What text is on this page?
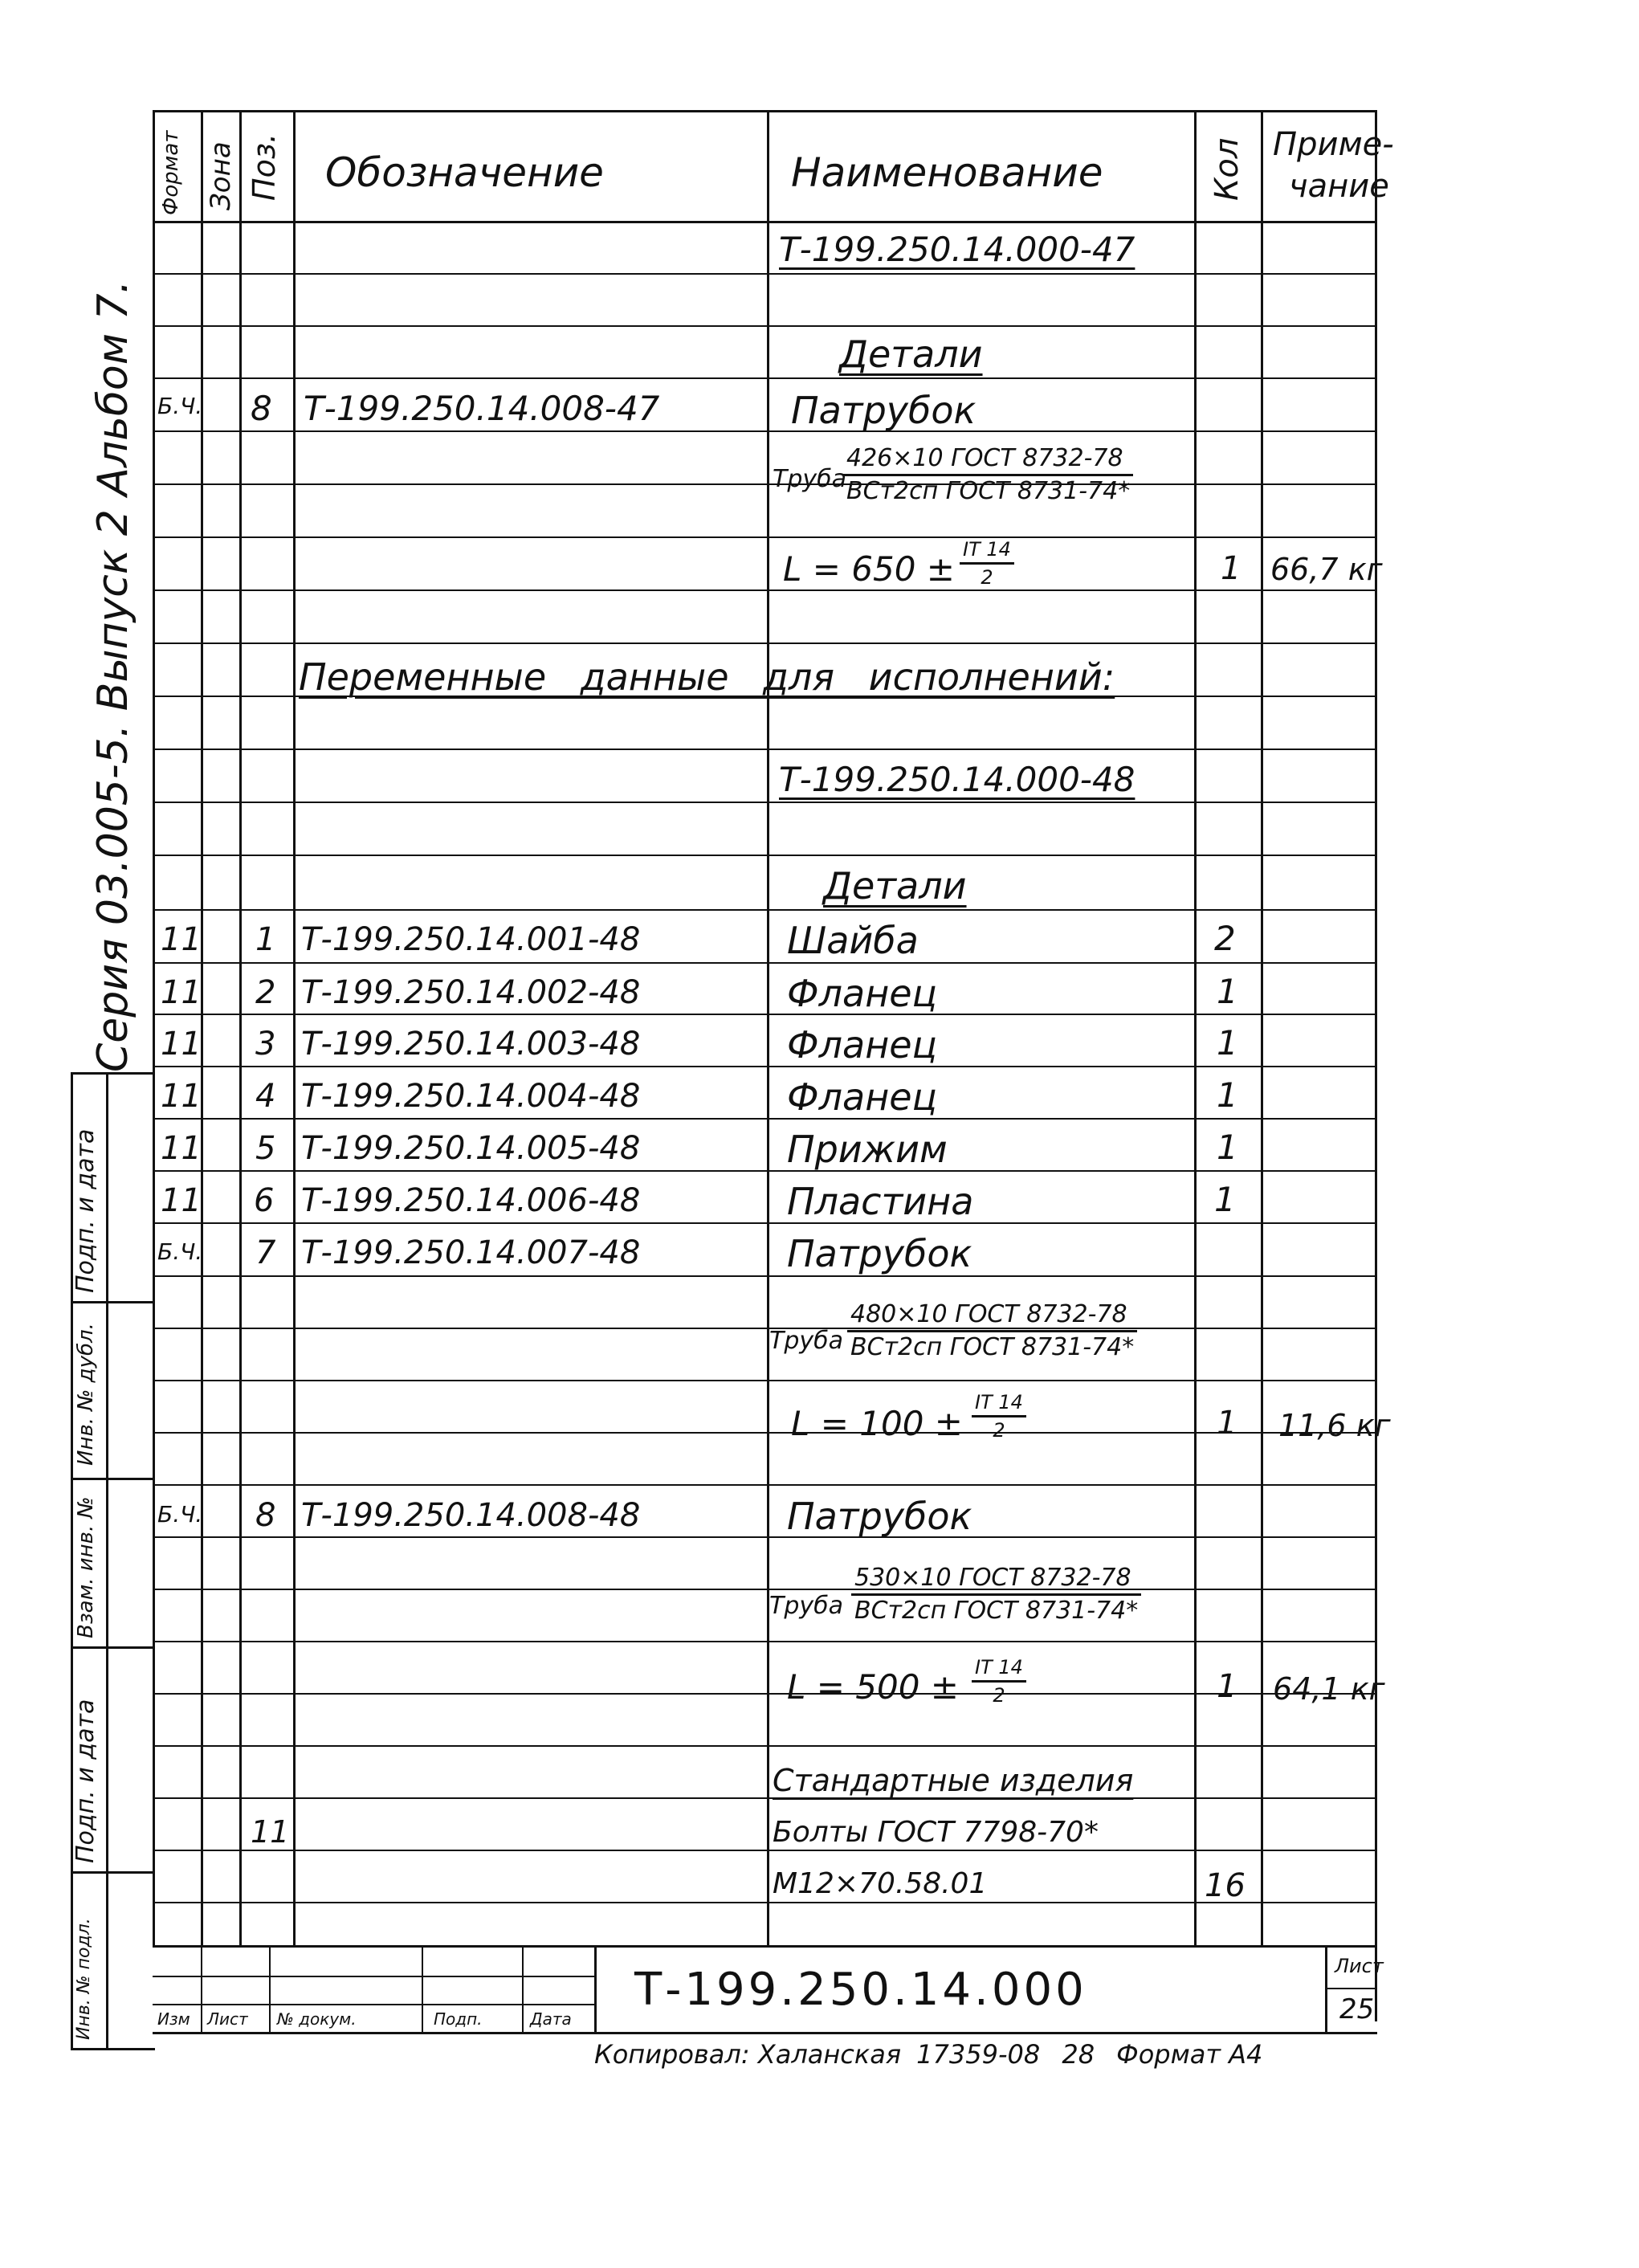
Формат Зона Поз. Обозначение	Наименование	Кол Приме-
чание
Серия 03.005-5. Выпуск 2 Альбом 7.
Подп. и дата
Инв. № дубл.
Взам. инв. №
Подп. и дата
Инв. № подл.
Т-199.250.14.000-47
Детали
Б.Ч. 8 Т-199.250.14.008-47	Патрубок
Труба
426×10 ГОСТ 8732-78
ВСт2сп ГОСТ 8731-74*
$L = 650 \pm \frac{IT 14}{2}$	1 66,7 кг
Переменные данные для исполнений:
Т-199.250.14.000-48
Детали
11 1 Т-199.250.14.001-48	Шайба	2
11 2 Т-199.250.14.002-48	Фланец	1
11 3 Т-199.250.14.003-48	Фланец	1
11 4 Т-199.250.14.004-48	Фланец	1
11 5 Т-199.250.14.005-48	Прижим	1
11 6 Т-199.250.14.006-48	Пластина	1
Б.Ч. 7 Т-199.250.14.007-48	Патрубок
Труба
480×10 ГОСТ 8732-78
ВСт2сп ГОСТ 8731-74*
$L = 100 \pm \frac{IT 14}{2}$	1 11,6 кг
Б.Ч. 8 Т-199.250.14.008-48	Патрубок
Труба
530×10 ГОСТ 8732-78
ВСт2сп ГОСТ 8731-74*
$L = 500 \pm \frac{IT 14}{2}$	1 64,1 кг
Стандартные изделия
11	Болты ГОСТ 7798-70*
М12×70.58.01	16
Т-199.250.14.000	Лист
25
Изм Лист № докум.	Подп.	Дата
Копировал: Халанская 17359-08 28 Формат А4
